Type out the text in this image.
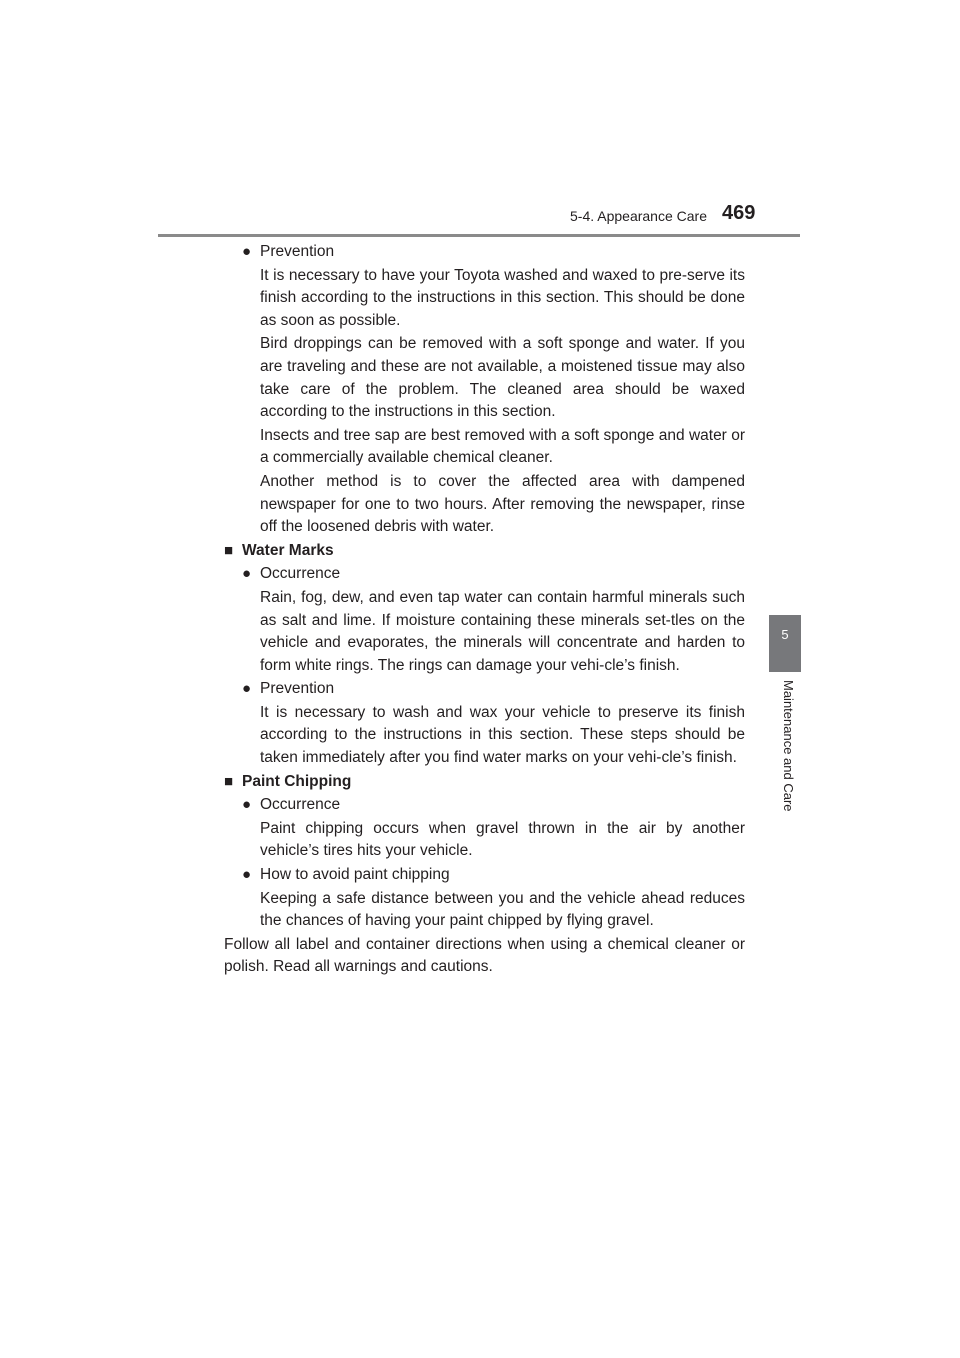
5-4. Appearance Care 469
5
Maintenance and Care

● Prevention

It is necessary to have your Toyota washed and waxed to pre-serve its finish according to the instructions in this section. This should be done as soon as possible.

Bird droppings can be removed with a soft sponge and water. If you are traveling and these are not available, a moistened tissue may also take care of the problem. The cleaned area should be waxed according to the instructions in this section.

Insects and tree sap are best removed with a soft sponge and water or a commercially available chemical cleaner.

Another method is to cover the affected area with dampened newspaper for one to two hours. After removing the newspaper, rinse off the loosened debris with water.

■ Water Marks

● Occurrence

Rain, fog, dew, and even tap water can contain harmful minerals such as salt and lime. If moisture containing these minerals set-tles on the vehicle and evaporates, the minerals will concentrate and harden to form white rings. The rings can damage your vehi-cle’s finish.

● Prevention

It is necessary to wash and wax your vehicle to preserve its finish according to the instructions in this section. These steps should be taken immediately after you find water marks on your vehi-cle’s finish.

■ Paint Chipping

● Occurrence

Paint chipping occurs when gravel thrown in the air by another vehicle’s tires hits your vehicle.

● How to avoid paint chipping

Keeping a safe distance between you and the vehicle ahead reduces the chances of having your paint chipped by flying gravel.

Follow all label and container directions when using a chemical cleaner or polish. Read all warnings and cautions.
